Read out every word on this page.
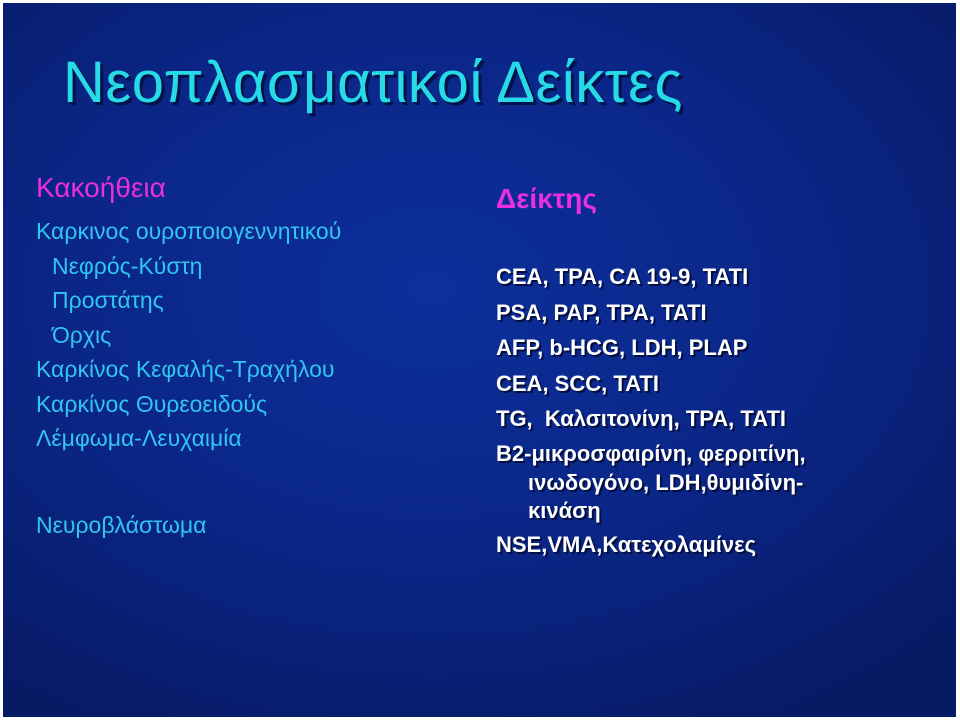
Νεοπλασματικοί Δείκτες
Κακοήθεια
Καρκινος ουροποιογεννητικού
Νεφρός-Κύστη
Προστάτης
Όρχις
Καρκίνος Κεφαλής-Τραχήλου
Καρκίνος Θυρεοειδούς
Λέμφωμα-Λευχαιμία
Νευροβλάστωμα
Δείκτης
CEA, TPA, CA 19-9, TATI
PSA, PAP, TPA, TATI
AFP, b-HCG, LDH, PLAP
CEA, SCC, TATI
TG,  Καλσιτονίνη, TPA, TATI
Β2-μικροσφαιρίνη, φερριτίνη,
ινωδογόνο, LDH,θυμιδίνη-
κινάση
NSE,VMA,Κατεχολαμίνες
